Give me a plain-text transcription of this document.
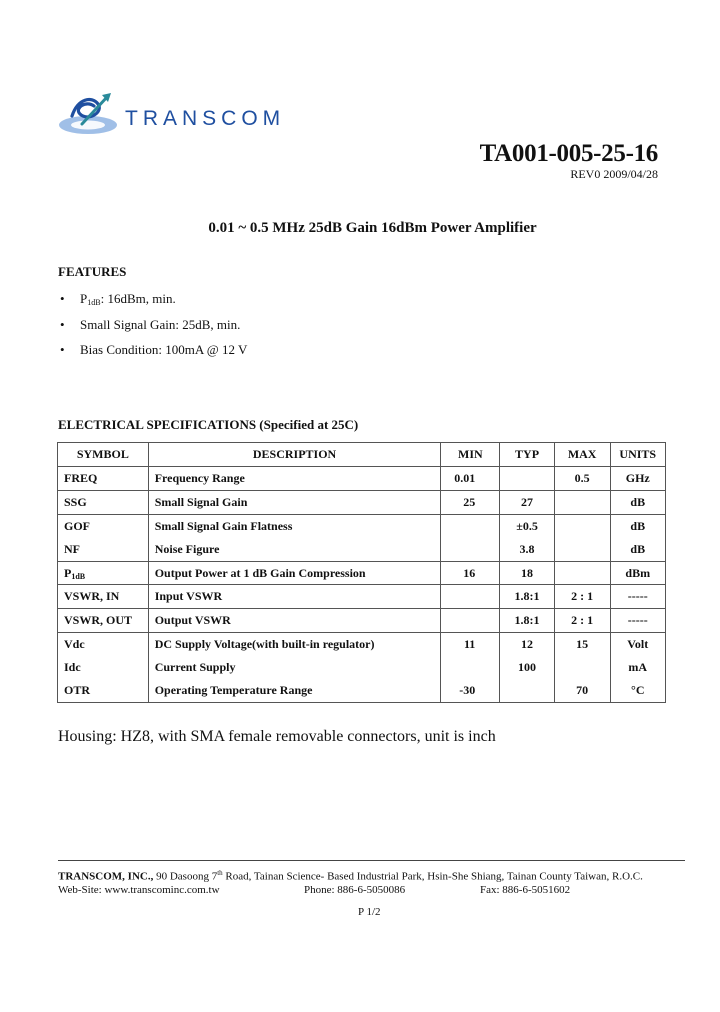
TRANSCOM
TA001-005-25-16
REV0 2009/04/28
0.01 ~ 0.5 MHz 25dB Gain 16dBm Power Amplifier
FEATURES
• $P_{1dB}$: 16dBm, min.
• Small Signal Gain: 25dB, min.
• Bias Condition: 100mA @ 12 V
ELECTRICAL SPECIFICATIONS (Specified at 25C)
SYMBOL	DESCRIPTION	MIN	TYP	MAX	UNITS
FREQ	Frequency Range	0.01		0.5	GHz
SSG	Small Signal Gain	25	27		dB
GOF	Small Signal Gain Flatness		±0.5		dB
NF	Noise Figure		3.8		dB
$P_{1dB}$	Output Power at 1 dB Gain Compression	16	18		dBm
VSWR, IN	Input VSWR		1.8:1	2 : 1	-----
VSWR, OUT	Output VSWR		1.8:1	2 : 1	-----
Vdc	DC Supply Voltage(with built-in regulator)	11	12	15	Volt
Idc	Current Supply		100		mA
OTR	Operating Temperature Range	-30		70	°C
Housing: HZ8, with SMA female removable connectors, unit is inch
TRANSCOM, INC., 90 Dasoong 7th Road, Tainan Science- Based Industrial Park, Hsin-She Shiang, Tainan County Taiwan, R.O.C.
Web-Site: www.transcominc.com.tw	Phone: 886-6-5050086	Fax: 886-6-5051602
P 1/2
